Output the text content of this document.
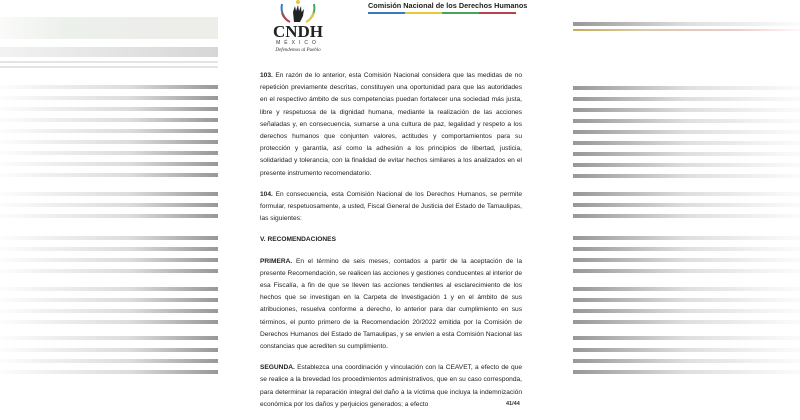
CNDH
MÉXICO
Defendemos al Pueblo
Comisión Nacional de los Derechos Humanos

103. En razón de lo anterior, esta Comisión Nacional considera que las medidas de no repetición previamente descritas, constituyen una oportunidad para que las autoridades en el respectivo ámbito de sus competencias puedan fortalecer una sociedad más justa, libre y respetuosa de la dignidad humana, mediante la realización de las acciones señaladas y, en consecuencia, sumarse a una cultura de paz, legalidad y respeto a los derechos humanos que conjunten valores, actitudes y comportamientos para su protección y garantía, así como la adhesión a los principios de libertad, justicia, solidaridad y tolerancia, con la finalidad de evitar hechos similares a los analizados en el presente instrumento recomendatorio.

104. En consecuencia, esta Comisión Nacional de los Derechos Humanos, se permite formular, respetuosamente, a usted, Fiscal General de Justicia del Estado de Tamaulipas, las siguientes:

V. RECOMENDACIONES

PRIMERA. En el término de seis meses, contados a partir de la aceptación de la presente Recomendación, se realicen las acciones y gestiones conducentes al interior de esa Fiscalía, a fin de que se lleven las acciones tendientes al esclarecimiento de los hechos que se investigan en la Carpeta de Investigación 1 y en el ámbito de sus atribuciones, resuelva conforme a derecho, lo anterior para dar cumplimiento en sus términos, el punto primero de la Recomendación 20/2022 emitida por la Comisión de Derechos Humanos del Estado de Tamaulipas, y se envíen a esta Comisión Nacional las constancias que acrediten su cumplimiento.

SEGUNDA. Establezca una coordinación y vinculación con la CEAVET, a efecto de que se realice a la brevedad los procedimientos administrativos, que en su caso corresponda, para determinar la reparación integral del daño a la víctima que incluya la indemnización económica por los daños y perjuicios generados; a efecto	41/44
